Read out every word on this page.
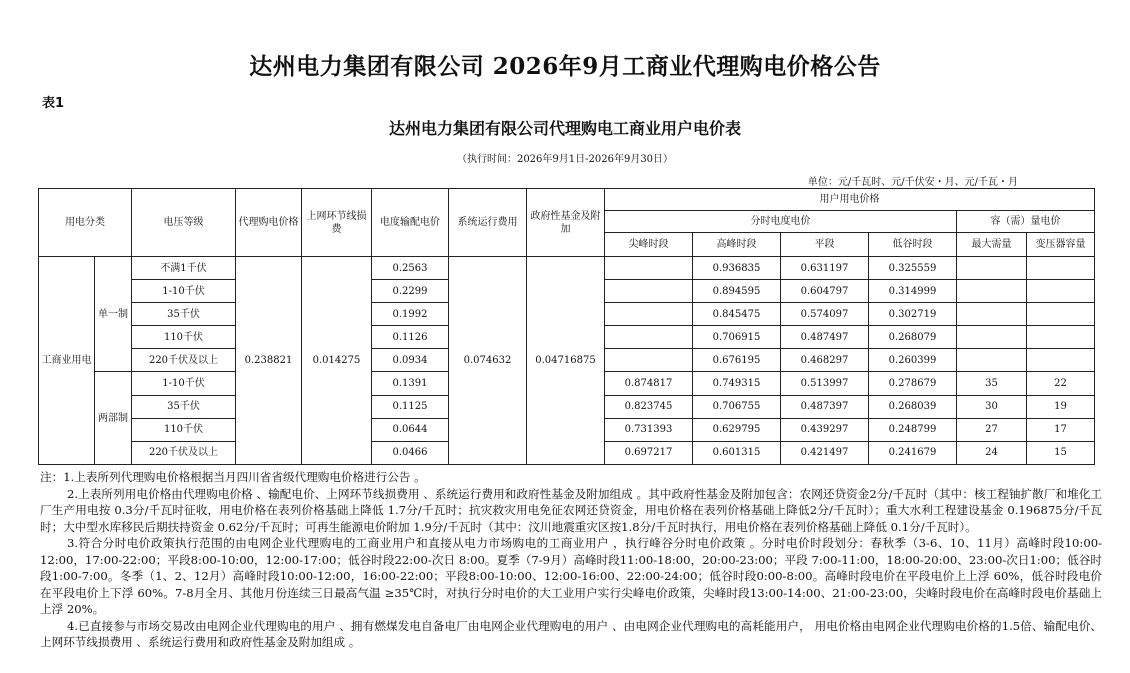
达州电力集团有限公司 2026年9月工商业代理购电价格公告
表1
达州电力集团有限公司代理购电工商业用户电价表
（执行时间：2026年9月1日-2026年9月30日）
单位：元/千瓦时、元/千伏安・月、元/千瓦・月
用电分类		电压等级	代理购电价格	上网环节线损费	电度输配电价	系统运行费用	政府性基金及附加	用户用电价格					
								分时电度电价				容（需）量电价	
								尖峰时段	高峰时段	平段	低谷时段	最大需量	变压器容量
工商业用电	单一制	不满1千伏	0.238821	0.014275	0.2563	0.074632	0.04716875		0.936835	0.631197	0.325559		
		1-10千伏			0.2299				0.894595	0.604797	0.314999		
		35千伏			0.1992				0.845475	0.574097	0.302719		
		110千伏			0.1126				0.706915	0.487497	0.268079		
		220千伏及以上			0.0934				0.676195	0.468297	0.260399		
	两部制	1-10千伏			0.1391			0.874817	0.749315	0.513997	0.278679	35	22
		35千伏			0.1125			0.823745	0.706755	0.487397	0.268039	30	19
		110千伏			0.0644			0.731393	0.629795	0.439297	0.248799	27	17
		220千伏及以上			0.0466			0.697217	0.601315	0.421497	0.241679	24	15

注：1.上表所列代理购电价格根据当月四川省省级代理购电价格进行公告 。

2.上表所列用电价格由代理购电价格 、输配电价、上网环节线损费用 、系统运行费用和政府性基金及附加组成 。其中政府性基金及附加包含：农网还贷资金2分/千瓦时（其中：核工程铀扩散厂和堆化工厂生产用电按 0.3分/千瓦时征收，用电价格在表列价格基础上降低 1.7分/千瓦时；抗灾救灾用电免征农网还贷资金，用电价格在表列价格基础上降低2分/千瓦时）；重大水利工程建设基金 0.196875分/千瓦时；大中型水库移民后期扶持资金 0.62分/千瓦时；可再生能源电价附加 1.9分/千瓦时（其中：汶川地震重灾区按1.8分/千瓦时执行，用电价格在表列价格基础上降低 0.1分/千瓦时）。

3.符合分时电价政策执行范围的由电网企业代理购电的工商业用户和直接从电力市场购电的工商业用户 ，执行峰谷分时电价政策 。分时电价时段划分：春秋季（3-6、10、11月）高峰时段10:00-12:00，17:00-22:00；平段8:00-10:00，12:00-17:00；低谷时段22:00-次日 8:00。夏季（7-9月）高峰时段11:00-18:00，20:00-23:00；平段 7:00-11:00，18:00-20:00、23:00-次日1:00；低谷时段1:00-7:00。冬季（1、2、12月）高峰时段10:00-12:00，16:00-22:00；平段8:00-10:00、12:00-16:00、22:00-24:00；低谷时段0:00-8:00。高峰时段电价在平段电价上上浮 60%，低谷时段电价在平段电价上下浮 60%。7-8月全月、其他月份连续三日最高气温 ≥35℃时，对执行分时电价的大工业用户实行尖峰电价政策，尖峰时段13:00-14:00、21:00-23:00，尖峰时段电价在高峰时段电价基础上上浮 20%。

4.已直接参与市场交易改由电网企业代理购电的用户 、拥有燃煤发电自备电厂由电网企业代理购电的用户 、由电网企业代理购电的高耗能用户， 用电价格由电网企业代理购电价格的1.5倍、输配电价、上网环节线损费用 、系统运行费用和政府性基金及附加组成 。
